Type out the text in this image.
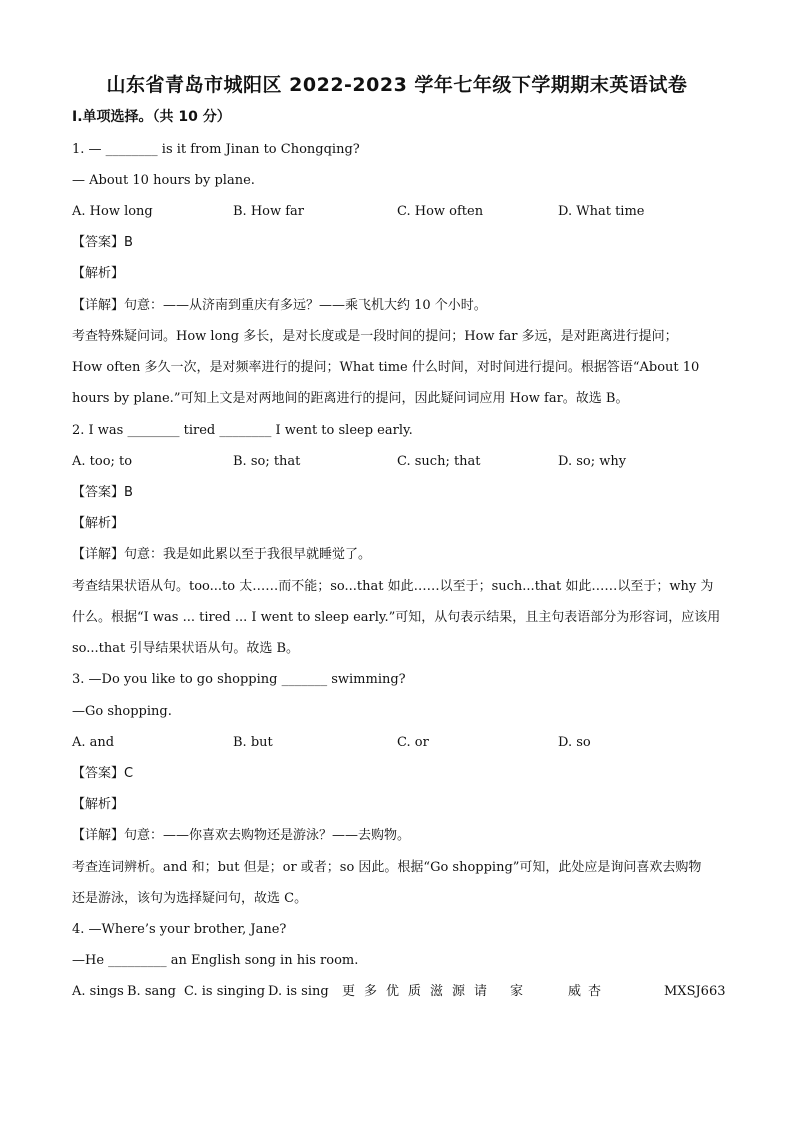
山东省青岛市城阳区 2022-2023 学年七年级下学期期末英语试卷
Ⅰ.单项选择。（共 10 分）
1. — ________ is it from Jinan to Chongqing?
— About 10 hours by plane.
A. How long	B. How far	C. How often	D. What time
【答案】B
【解析】
【详解】句意：——从济南到重庆有多远？——乘飞机大约 10 个小时。
考查特殊疑问词。How long 多长，是对长度或是一段时间的提问；How far 多远，是对距离进行提问；
How often 多久一次，是对频率进行的提问；What time 什么时间，对时间进行提问。根据答语“About 10
hours by plane.”可知上文是对两地间的距离进行的提问，因此疑问词应用 How far。故选 B。
2. I was ________ tired ________ I went to sleep early.
A. too; to	B. so; that	C. such; that	D. so; why
【答案】B
【解析】
【详解】句意：我是如此累以至于我很早就睡觉了。
考查结果状语从句。too...to 太……而不能；so...that 如此……以至于；such...that 如此……以至于；why 为
什么。根据“I was ... tired ... I went to sleep early.”可知，从句表示结果，且主句表语部分为形容词，应该用
so...that 引导结果状语从句。故选 B。
3. —Do you like to go shopping _______ swimming?
—Go shopping.
A. and	B. but	C. or	D. so
【答案】C
【解析】
【详解】句意：——你喜欢去购物还是游泳？——去购物。
考查连词辨析。and 和；but 但是；or 或者；so 因此。根据“Go shopping”可知，此处应是询问喜欢去购物
还是游泳，该句为选择疑问句，故选 C。
4. —Where’s your brother, Jane?
—He _________ an English song in his room.
A. sings B. sang C. is singing D. is sing 更 多 优 质 滋 源 请 家	威 杏	MXSJ663
